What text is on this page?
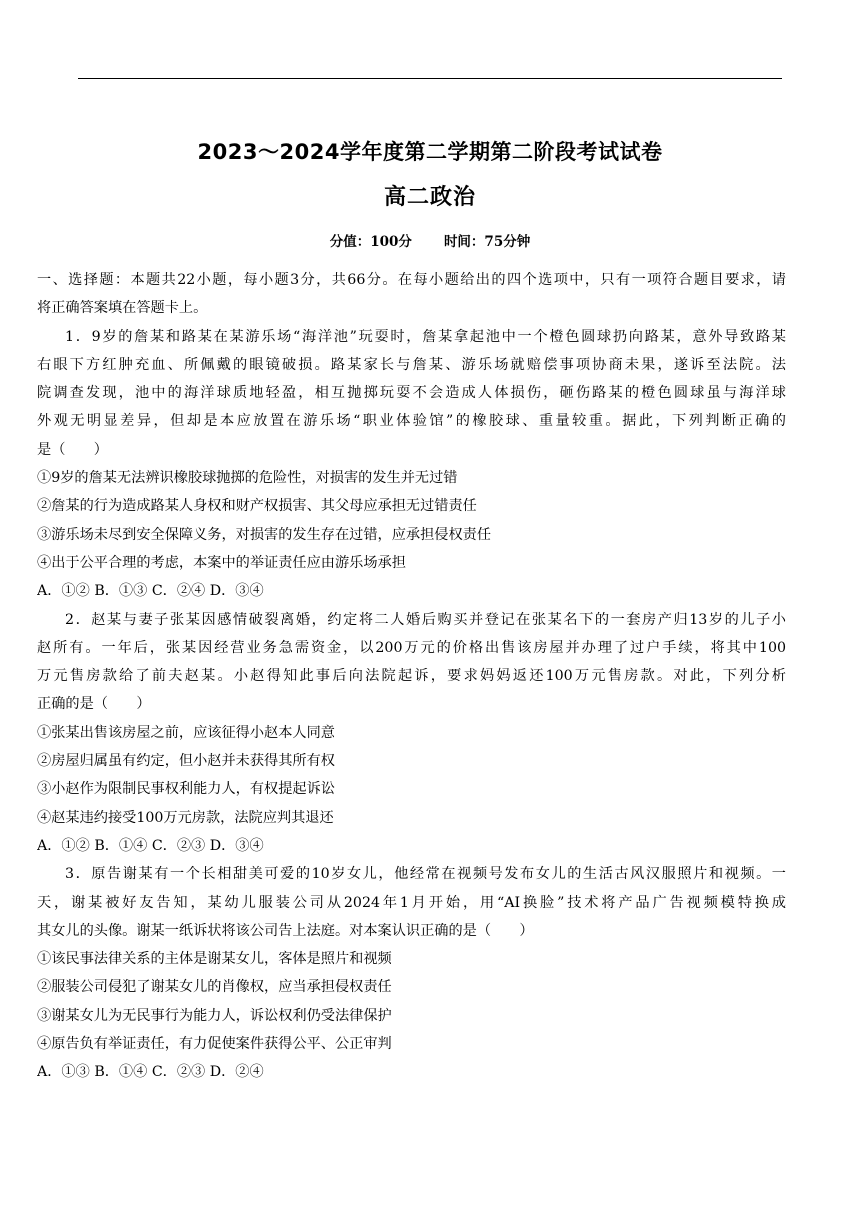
2023～2024学年度第二学期第二阶段考试试卷
高二政治
分值：100分 时间：75分钟
一、选择题：本题共22小题，每小题3分，共66分。在每小题给出的四个选项中，只有一项符合题目要求，请
将正确答案填在答题卡上。
1．9岁的詹某和路某在某游乐场“海洋池”玩耍时，詹某拿起池中一个橙色圆球扔向路某，意外导致路某
右眼下方红肿充血、所佩戴的眼镜破损。路某家长与詹某、游乐场就赔偿事项协商未果，遂诉至法院。法
院调查发现，池中的海洋球质地轻盈，相互抛掷玩耍不会造成人体损伤，砸伤路某的橙色圆球虽与海洋球
外观无明显差异，但却是本应放置在游乐场“职业体验馆”的橡胶球、重量较重。据此，下列判断正确的
是（　　）
①9岁的詹某无法辨识橡胶球抛掷的危险性，对损害的发生并无过错
②詹某的行为造成路某人身权和财产权损害、其父母应承担无过错责任
③游乐场未尽到安全保障义务，对损害的发生存在过错，应承担侵权责任
④出于公平合理的考虑，本案中的举证责任应由游乐场承担
A．①② B．①③ C．②④ D．③④
2．赵某与妻子张某因感情破裂离婚，约定将二人婚后购买并登记在张某名下的一套房产归13岁的儿子小
赵所有。一年后，张某因经营业务急需资金，以200万元的价格出售该房屋并办理了过户手续，将其中100
万元售房款给了前夫赵某。小赵得知此事后向法院起诉，要求妈妈返还100万元售房款。对此，下列分析
正确的是（　　）
①张某出售该房屋之前，应该征得小赵本人同意
②房屋归属虽有约定，但小赵并未获得其所有权
③小赵作为限制民事权利能力人，有权提起诉讼
④赵某违约接受100万元房款，法院应判其退还
A．①② B．①④ C．②③ D．③④
3．原告谢某有一个长相甜美可爱的10岁女儿，他经常在视频号发布女儿的生活古风汉服照片和视频。一
天，谢某被好友告知，某幼儿服装公司从2024年1月开始，用“AI换脸”技术将产品广告视频模特换成
其女儿的头像。谢某一纸诉状将该公司告上法庭。对本案认识正确的是（　　）
①该民事法律关系的主体是谢某女儿，客体是照片和视频
②服装公司侵犯了谢某女儿的肖像权，应当承担侵权责任
③谢某女儿为无民事行为能力人，诉讼权利仍受法律保护
④原告负有举证责任，有力促使案件获得公平、公正审判
A．①③ B．①④ C．②③ D．②④
